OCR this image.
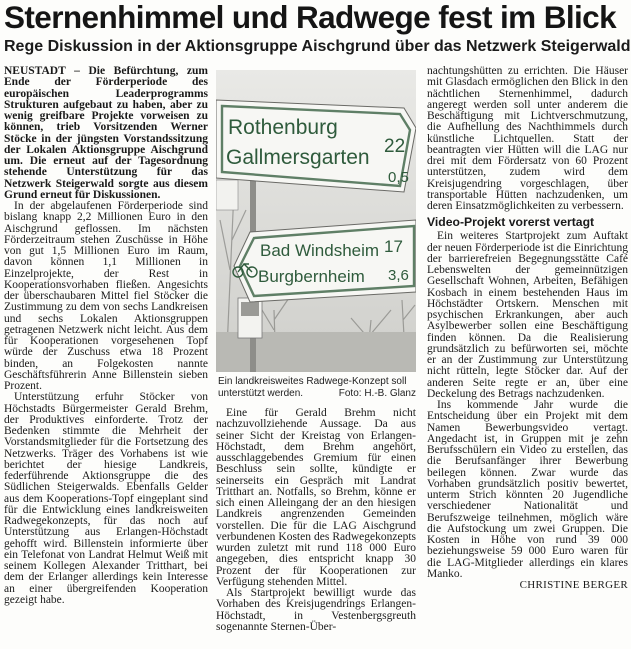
Sternenhimmel und Radwege fest im Blick
Rege Diskussion in der Aktionsgruppe Aischgrund über das Netzwerk Steigerwald

NEUSTADT – Die Befürchtung, zum Ende der Förderperiode des europäischen Leaderprogramms Strukturen aufgebaut zu haben, aber zu wenig greifbare Projekte vorweisen zu können, trieb Vorsitzenden Werner Stöcke in der jüngsten Vorstandssitzung der Lokalen Aktionsgruppe Aischgrund um. Die erneut auf der Tagesordnung stehende Unterstützung für das Netzwerk Steigerwald sorgte aus diesem Grund erneut für Diskussionen.

In der abgelaufenen Förderperiode sind bislang knapp 2,2 Millionen Euro in den Aischgrund geflossen. Im nächsten Förderzeitraum stehen Zuschüsse in Höhe von gut 1,5 Millionen Euro im Raum, davon können 1,1 Millionen in Einzelprojekte, der Rest in Kooperationsvorhaben fließen. Angesichts der überschaubaren Mittel fiel Stöcker die Zustimmung zu dem von sechs Landkreisen und sechs Lokalen Aktionsgruppen getragenen Netzwerk nicht leicht. Aus dem für Kooperationen vorgesehenen Topf würde der Zuschuss etwa 18 Prozent binden, an Folgekosten nannte Geschäftsführerin Anne Billenstein sieben Prozent.

Unterstützung erfuhr Stöcker von Höchstadts Bürgermeister Gerald Brehm, der Produktives einforderte. Trotz der Bedenken stimmte die Mehrheit der Vorstandsmitglieder für die Fortsetzung des Netzwerks. Träger des Vorhabens ist wie berichtet der hiesige Landkreis, federführende Aktionsgruppe die des Südlichen Steigerwalds. Ebenfalls Gelder aus dem Kooperations-Topf eingeplant sind für die Entwicklung eines landkreisweiten Radwegekonzepts, für das noch auf Unterstützung aus Erlangen-Höchstadt gehofft wird. Billenstein informierte über ein Telefonat von Landrat Helmut Weiß mit seinem Kollegen Alexander Tritthart, bei dem der Erlanger allerdings kein Interesse an einer übergreifenden Kooperation gezeigt habe.

Rothenburg
22
Gallmersgarten
0,5
Bad Windsheim 17
Burgbernheim 3,6
Ein landkreisweites Radwege-Konzept soll unterstützt werden.	Foto: H.-B. Glanz

Eine für Gerald Brehm nicht nachzuvollziehende Aussage. Da aus seiner Sicht der Kreistag von Erlangen-Höchstadt, dem Brehm angehört, ausschlaggebendes Gremium für einen Beschluss sein sollte, kündigte er seinerseits ein Gespräch mit Landrat Tritthart an. Notfalls, so Brehm, könne er sich einen Alleingang der an den hiesigen Landkreis angrenzenden Gemeinden vorstellen. Die für die LAG Aischgrund verbundenen Kosten des Radwegekonzepts wurden zuletzt mit rund 118 000 Euro angegeben, dies entspricht knapp 30 Prozent der für Kooperationen zur Verfügung stehenden Mittel.

Als Startprojekt bewilligt wurde das Vorhaben des Kreisjugendrings Erlangen-Höchstadt, in Vestenbergsgreuth sogenannte Sternen-Über-

nachtungshütten zu errichten. Die Häuser mit Glasdach ermöglichen den Blick in den nächtlichen Sternenhimmel, dadurch angeregt werden soll unter anderem die Beschäftigung mit Lichtverschmutzung, die Aufhellung des Nachthimmels durch künstliche Lichtquellen. Statt der beantragten vier Hütten will die LAG nur drei mit dem Fördersatz von 60 Prozent unterstützen, zudem wird dem Kreisjugendring vorgeschlagen, über transportable Hütten nachzudenken, um deren Einsatzmöglichkeiten zu verbessern.

Video-Projekt vorerst vertagt

Ein weiteres Startprojekt zum Auftakt der neuen Förderperiode ist die Einrichtung der barrierefreien Begegnungsstätte Café Lebenswelten der gemeinnützigen Gesellschaft Wohnen, Arbeiten, Befähigen Kosbach in einem bestehenden Haus im Höchstädter Ortskern. Menschen mit psychischen Erkrankungen, aber auch Asylbewerber sollen eine Beschäftigung finden können. Da die Realisierung grundsätzlich zu befürworten sei, möchte er an der Zustimmung zur Unterstützung nicht rütteln, legte Stöcker dar. Auf der anderen Seite regte er an, über eine Deckelung des Betrags nachzudenken.

Ins kommende Jahr wurde die Entscheidung über ein Projekt mit dem Namen Bewerbungsvideo vertagt. Angedacht ist, in Gruppen mit je zehn Berufsschülern ein Video zu erstellen, das die Berufsanfänger ihrer Bewerbung beilegen können. Zwar wurde das Vorhaben grundsätzlich positiv bewertet, unterm Strich könnten 20 Jugendliche verschiedener Nationalität und Berufszweige teilnehmen, möglich wäre die Aufstockung um zwei Gruppen. Die Kosten in Höhe von rund 39 000 beziehungsweise 59 000 Euro waren für die LAG-Mitglieder allerdings ein klares Manko.

CHRISTINE BERGER
